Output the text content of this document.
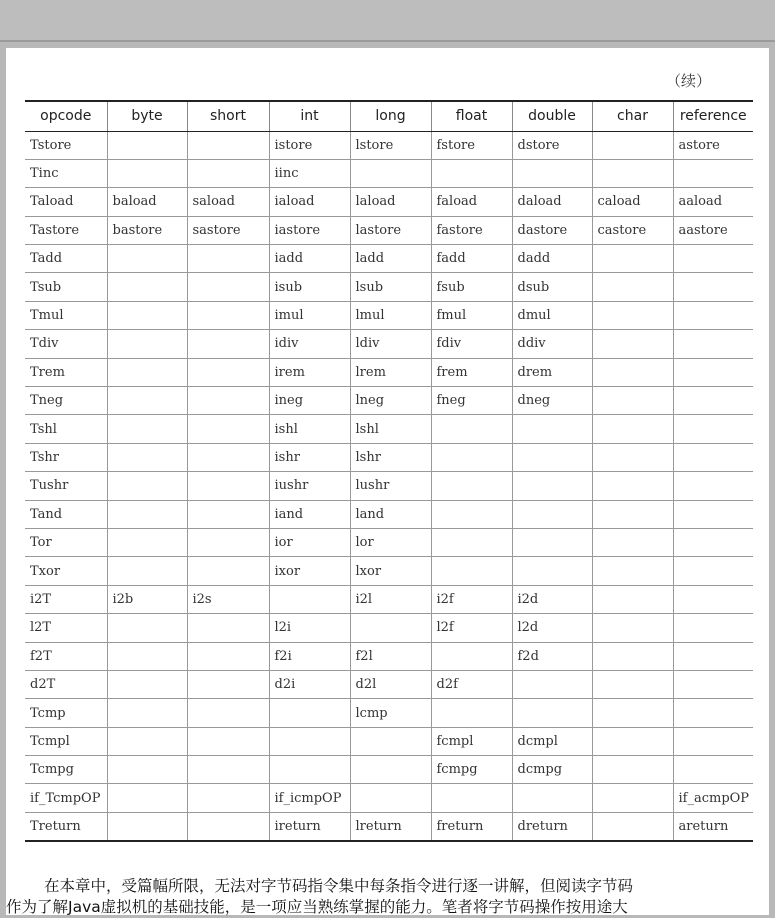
（续）
opcode	byte	short	int	long	float	double	char	reference
Tstore			istore	lstore	fstore	dstore		astore
Tinc			iinc					
Taload	baload	saload	iaload	laload	faload	daload	caload	aaload
Tastore	bastore	sastore	iastore	lastore	fastore	dastore	castore	aastore
Tadd			iadd	ladd	fadd	dadd		
Tsub			isub	lsub	fsub	dsub		
Tmul			imul	lmul	fmul	dmul		
Tdiv			idiv	ldiv	fdiv	ddiv		
Trem			irem	lrem	frem	drem		
Tneg			ineg	lneg	fneg	dneg		
Tshl			ishl	lshl				
Tshr			ishr	lshr				
Tushr			iushr	lushr				
Tand			iand	land				
Tor			ior	lor				
Txor			ixor	lxor				
i2T	i2b	i2s		i2l	i2f	i2d		
l2T			l2i		l2f	l2d		
f2T			f2i	f2l		f2d		
d2T			d2i	d2l	d2f			
Tcmp				lcmp				
Tcmpl					fcmpl	dcmpl		
Tcmpg					fcmpg	dcmpg		
if_TcmpOP			if_icmpOP					if_acmpOP
Treturn			ireturn	lreturn	freturn	dreturn		areturn

在本章中，受篇幅所限，无法对字节码指令集中每条指令进行逐一讲解，但阅读字节码

作为了解Java虚拟机的基础技能，是一项应当熟练掌握的能力。笔者将字节码操作按用途大
